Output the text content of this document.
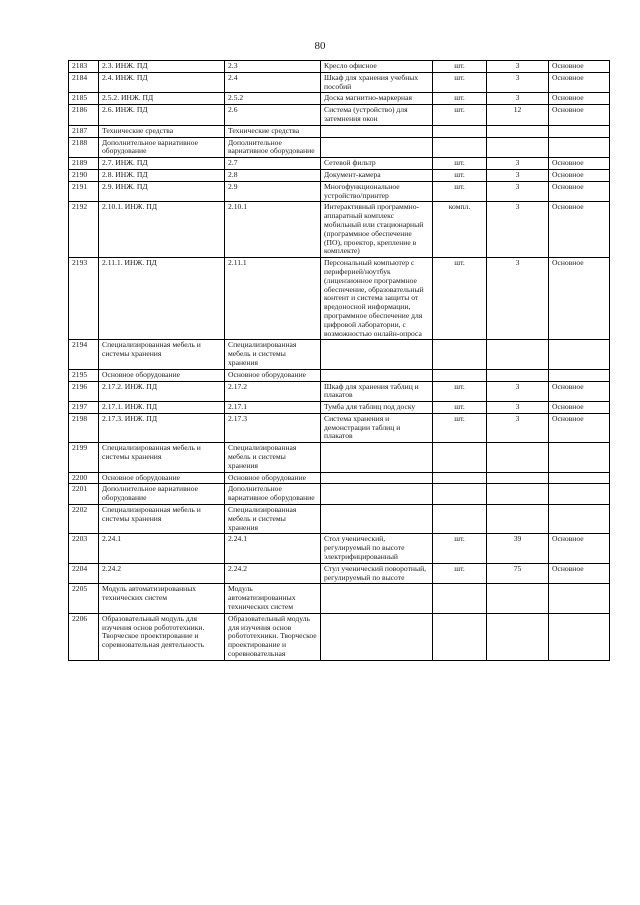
80
2183	2.3. ИНЖ. ПД	2.3	Кресло офисное	шт.	3	Основное
2184	2.4. ИНЖ. ПД	2.4	Шкаф для хранения учебных пособий	шт.	3	Основное
2185	2.5.2. ИНЖ. ПД	2.5.2	Доска магнитно-маркерная	шт.	3	Основное
2186	2.6. ИНЖ. ПД	2.6	Система (устройство) для затемнения окон	шт.	12	Основное
2187	Технические средства	Технические средства				
2188	Дополнительное вариативное оборудование	Дополнительное вариативное оборудование				
2189	2.7. ИНЖ. ПД	2.7	Сетевой фильтр	шт.	3	Основное
2190	2.8. ИНЖ. ПД	2.8	Документ-камера	шт.	3	Основное
2191	2.9. ИНЖ. ПД	2.9	Многофункциональное устройство/принтер	шт.	3	Основное
2192	2.10.1. ИНЖ. ПД	2.10.1	Интерактивный программно-аппаратный комплекс мобильный или стационарный (программное обеспечение (ПО), проектор, крепление в комплекте)	компл.	3	Основное
2193	2.11.1. ИНЖ. ПД	2.11.1	Персональный компьютер с периферией/ноутбук (лицензионное программное обеспечение, образовательный контент и система защиты от вредоносной информации, программное обеспечение для цифровой лаборатории, с возможностью онлайн-опроса	шт.	3	Основное
2194	Специализированная мебель и системы хранения	Специализированная мебель и системы хранения				
2195	Основное оборудование	Основное оборудование				
2196	2.17.2. ИНЖ. ПД	2.17.2	Шкаф для хранения таблиц и плакатов	шт.	3	Основное
2197	2.17.1. ИНЖ. ПД	2.17.1	Тумба для таблиц под доску	шт.	3	Основное
2198	2.17.3. ИНЖ. ПД	2.17.3	Система хранения и демонстрации таблиц и плакатов	шт.	3	Основное
2199	Специализированная мебель и системы хранения	Специализированная мебель и системы хранения				
2200	Основное оборудование	Основное оборудование				
2201	Дополнительное вариативное оборудование	Дополнительное вариативное оборудование				
2202	Специализированная мебель и системы хранения	Специализированная мебель и системы хранения				
2203	2.24.1	2.24.1	Стол ученический, регулируемый по высоте электрифицированный	шт.	39	Основное
2204	2.24.2	2.24.2	Стул ученический поворотный, регулируемый по высоте	шт.	75	Основное
2205	Модуль автоматизированных технических систем	Модуль автоматизированных технических систем				
2206	Образовательный модуль для изучения основ робототехники. Творческое проектирование и соревновательная деятельность	Образовательный модуль для изучения основ робототехники. Творческое проектирование и соревновательная				
